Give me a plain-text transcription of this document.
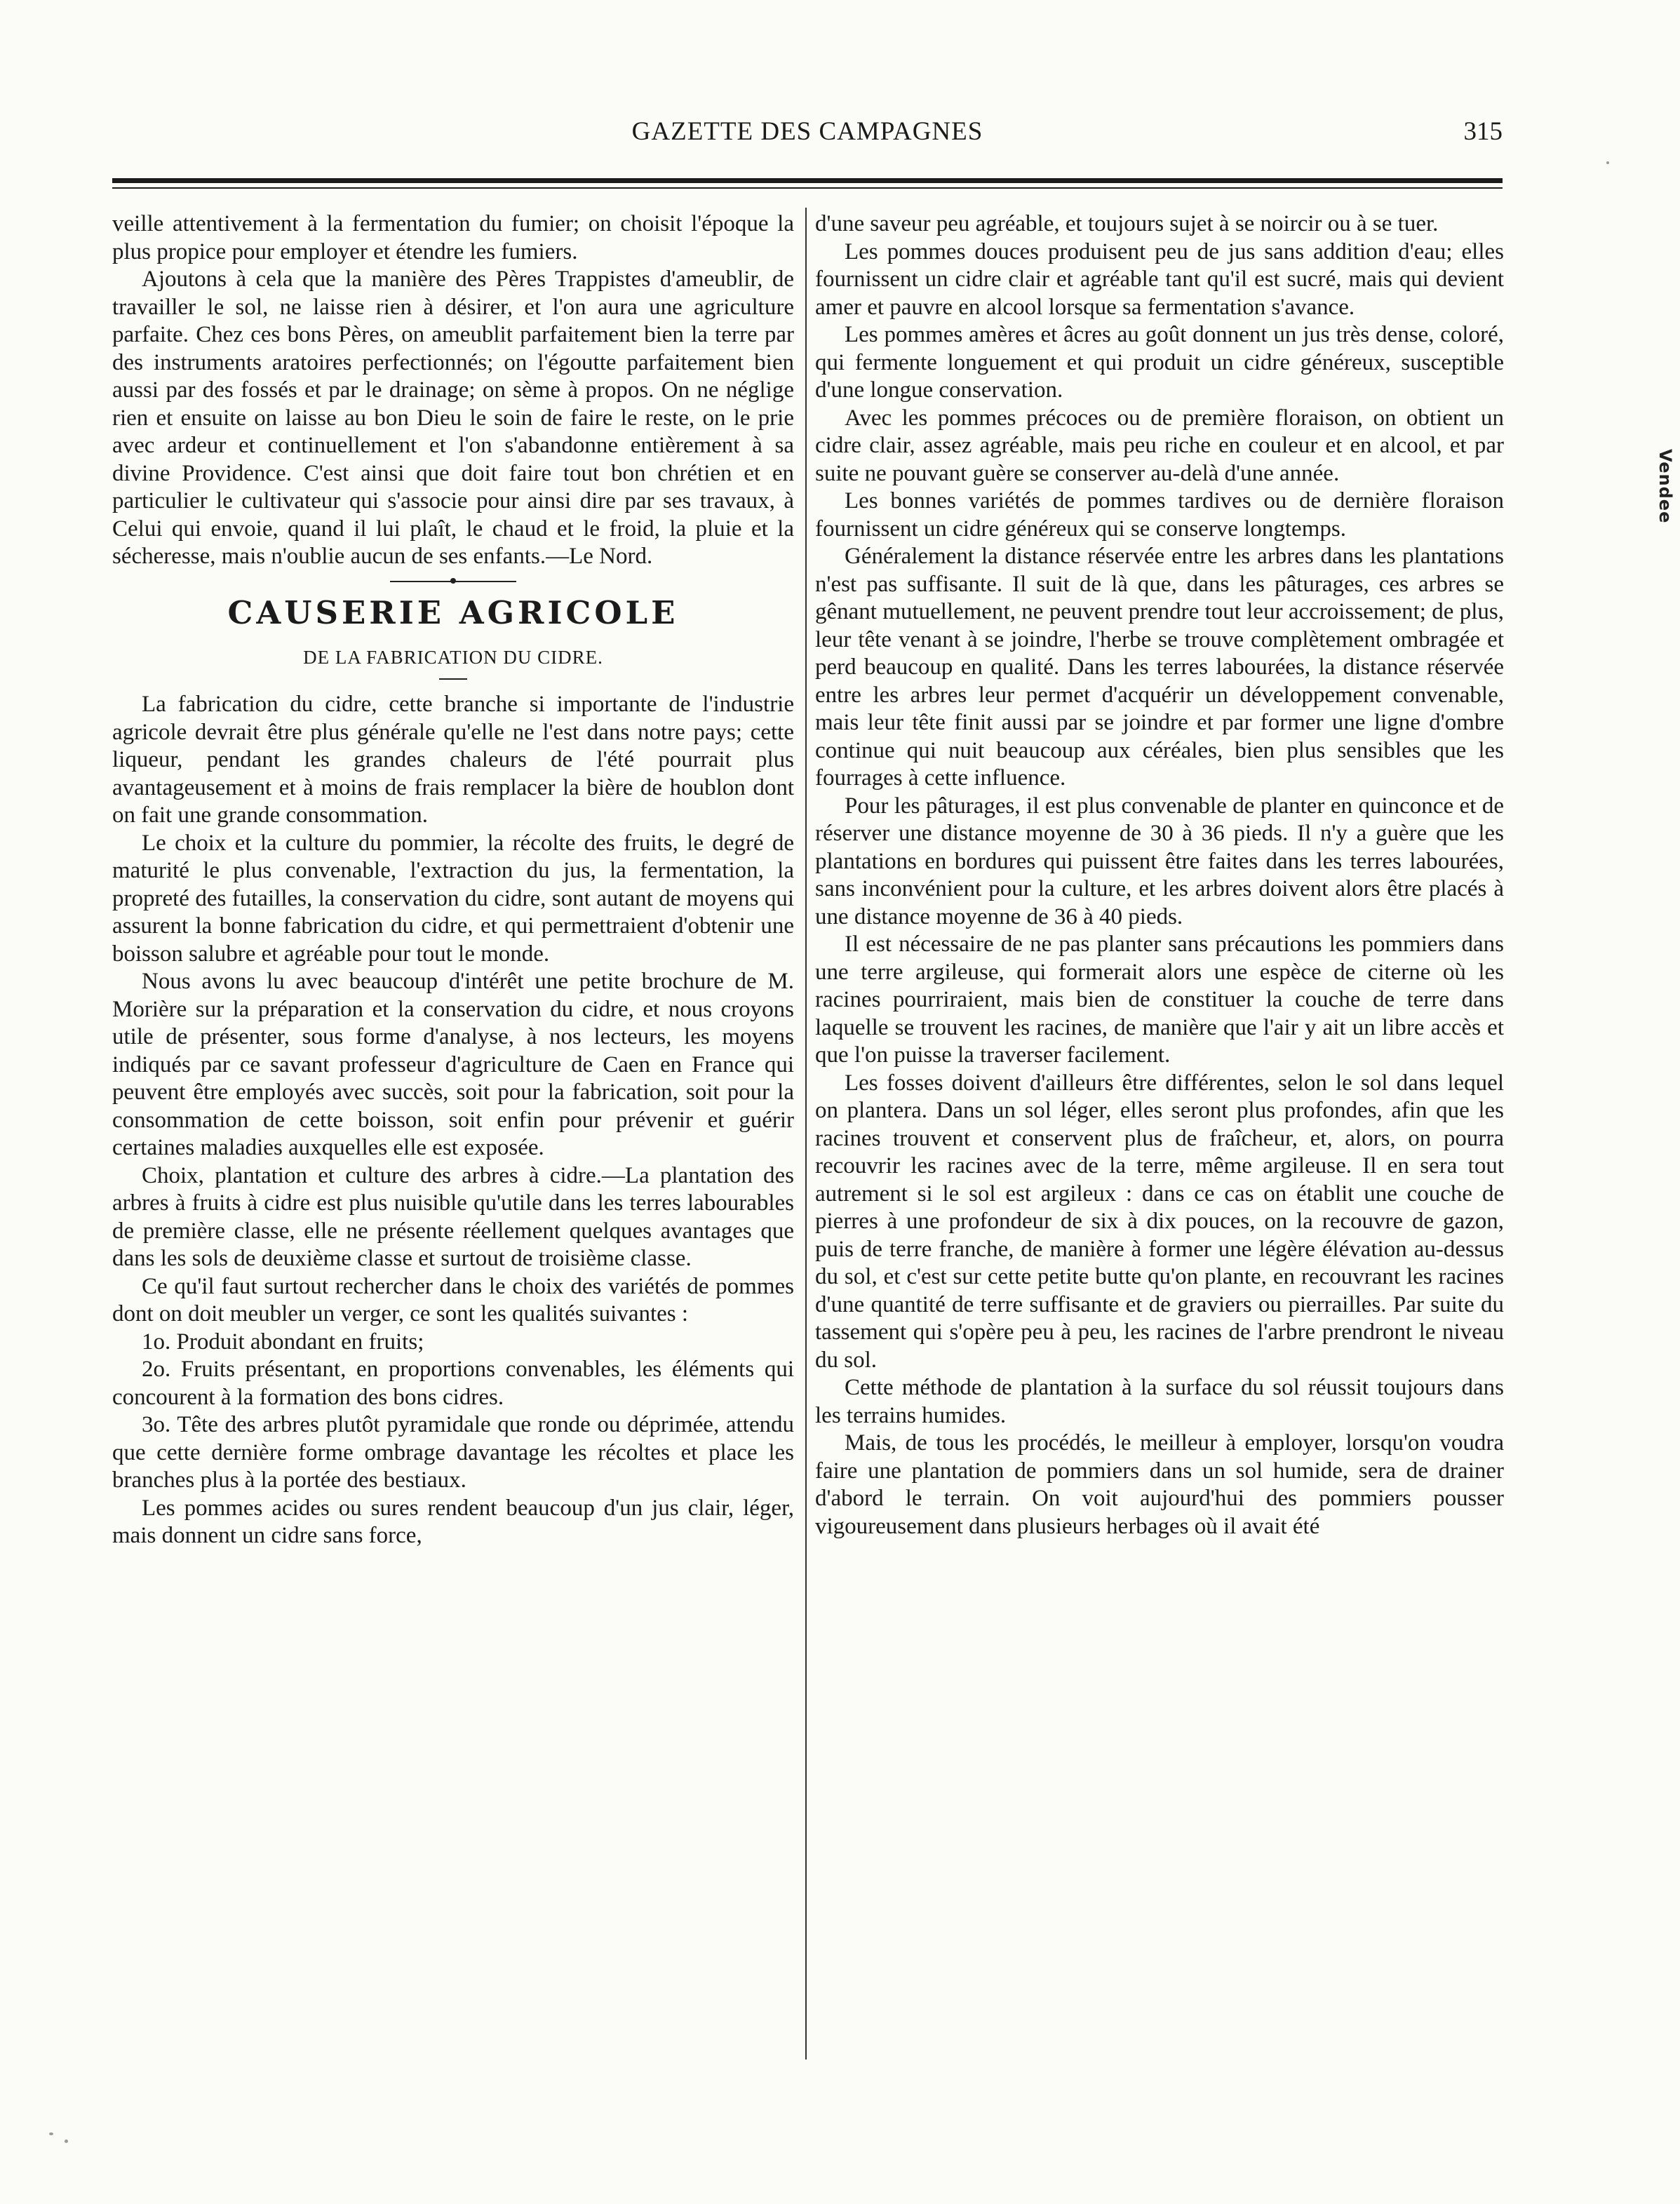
GAZETTE DES CAMPAGNES	315

veille attentivement à la fermentation du fumier; on choisit l'époque la plus propice pour employer et étendre les fumiers.

Ajoutons à cela que la manière des Pères Trappistes d'ameublir, de travailler le sol, ne laisse rien à désirer, et l'on aura une agriculture parfaite. Chez ces bons Pères, on ameublit parfaitement bien la terre par des instruments aratoires perfectionnés; on l'égoutte parfaitement bien aussi par des fossés et par le drainage; on sème à propos. On ne néglige rien et ensuite on laisse au bon Dieu le soin de faire le reste, on le prie avec ardeur et continuellement et l'on s'abandonne entièrement à sa divine Providence. C'est ainsi que doit faire tout bon chrétien et en particulier le cultivateur qui s'associe pour ainsi dire par ses travaux, à Celui qui envoie, quand il lui plaît, le chaud et le froid, la pluie et la sécheresse, mais n'oublie aucun de ses enfants.—Le Nord.

CAUSERIE AGRICOLE
DE LA FABRICATION DU CIDRE.

La fabrication du cidre, cette branche si importante de l'industrie agricole devrait être plus générale qu'elle ne l'est dans notre pays; cette liqueur, pendant les grandes chaleurs de l'été pourrait plus avantageusement et à moins de frais remplacer la bière de houblon dont on fait une grande consommation.

Le choix et la culture du pommier, la récolte des fruits, le degré de maturité le plus convenable, l'extraction du jus, la fermentation, la propreté des futailles, la conservation du cidre, sont autant de moyens qui assurent la bonne fabrication du cidre, et qui permettraient d'obtenir une boisson salubre et agréable pour tout le monde.

Nous avons lu avec beaucoup d'intérêt une petite brochure de M. Morière sur la préparation et la conservation du cidre, et nous croyons utile de présenter, sous forme d'analyse, à nos lecteurs, les moyens indiqués par ce savant professeur d'agriculture de Caen en France qui peuvent être employés avec succès, soit pour la fabrication, soit pour la consommation de cette boisson, soit enfin pour prévenir et guérir certaines maladies auxquelles elle est exposée.

Choix, plantation et culture des arbres à cidre.—La plantation des arbres à fruits à cidre est plus nuisible qu'utile dans les terres labourables de première classe, elle ne présente réellement quelques avantages que dans les sols de deuxième classe et surtout de troisième classe.

Ce qu'il faut surtout rechercher dans le choix des variétés de pommes dont on doit meubler un verger, ce sont les qualités suivantes :

1o. Produit abondant en fruits;

2o. Fruits présentant, en proportions convenables, les éléments qui concourent à la formation des bons cidres.

3o. Tête des arbres plutôt pyramidale que ronde ou déprimée, attendu que cette dernière forme ombrage davantage les récoltes et place les branches plus à la portée des bestiaux.

Les pommes acides ou sures rendent beaucoup d'un jus clair, léger, mais donnent un cidre sans force,

d'une saveur peu agréable, et toujours sujet à se noircir ou à se tuer.

Les pommes douces produisent peu de jus sans addition d'eau; elles fournissent un cidre clair et agréable tant qu'il est sucré, mais qui devient amer et pauvre en alcool lorsque sa fermentation s'avance.

Les pommes amères et âcres au goût donnent un jus très dense, coloré, qui fermente longuement et qui produit un cidre généreux, susceptible d'une longue conservation.

Avec les pommes précoces ou de première floraison, on obtient un cidre clair, assez agréable, mais peu riche en couleur et en alcool, et par suite ne pouvant guère se conserver au-delà d'une année.

Les bonnes variétés de pommes tardives ou de dernière floraison fournissent un cidre généreux qui se conserve longtemps.

Généralement la distance réservée entre les arbres dans les plantations n'est pas suffisante. Il suit de là que, dans les pâturages, ces arbres se gênant mutuellement, ne peuvent prendre tout leur accroissement; de plus, leur tête venant à se joindre, l'herbe se trouve complètement ombragée et perd beaucoup en qualité. Dans les terres labourées, la distance réservée entre les arbres leur permet d'acquérir un développement convenable, mais leur tête finit aussi par se joindre et par former une ligne d'ombre continue qui nuit beaucoup aux céréales, bien plus sensibles que les fourrages à cette influence.

Pour les pâturages, il est plus convenable de planter en quinconce et de réserver une distance moyenne de 30 à 36 pieds. Il n'y a guère que les plantations en bordures qui puissent être faites dans les terres labourées, sans inconvénient pour la culture, et les arbres doivent alors être placés à une distance moyenne de 36 à 40 pieds.

Il est nécessaire de ne pas planter sans précautions les pommiers dans une terre argileuse, qui formerait alors une espèce de citerne où les racines pourriraient, mais bien de constituer la couche de terre dans laquelle se trouvent les racines, de manière que l'air y ait un libre accès et que l'on puisse la traverser facilement.

Les fosses doivent d'ailleurs être différentes, selon le sol dans lequel on plantera. Dans un sol léger, elles seront plus profondes, afin que les racines trouvent et conservent plus de fraîcheur, et, alors, on pourra recouvrir les racines avec de la terre, même argileuse. Il en sera tout autrement si le sol est argileux : dans ce cas on établit une couche de pierres à une profondeur de six à dix pouces, on la recouvre de gazon, puis de terre franche, de manière à former une légère élévation au-dessus du sol, et c'est sur cette petite butte qu'on plante, en recouvrant les racines d'une quantité de terre suffisante et de graviers ou pierrailles. Par suite du tassement qui s'opère peu à peu, les racines de l'arbre prendront le niveau du sol.

Cette méthode de plantation à la surface du sol réussit toujours dans les terrains humides.

Mais, de tous les procédés, le meilleur à employer, lorsqu'on voudra faire une plantation de pommiers dans un sol humide, sera de drainer d'abord le terrain. On voit aujourd'hui des pommiers pousser vigoureusement dans plusieurs herbages où il avait été

Vendee
